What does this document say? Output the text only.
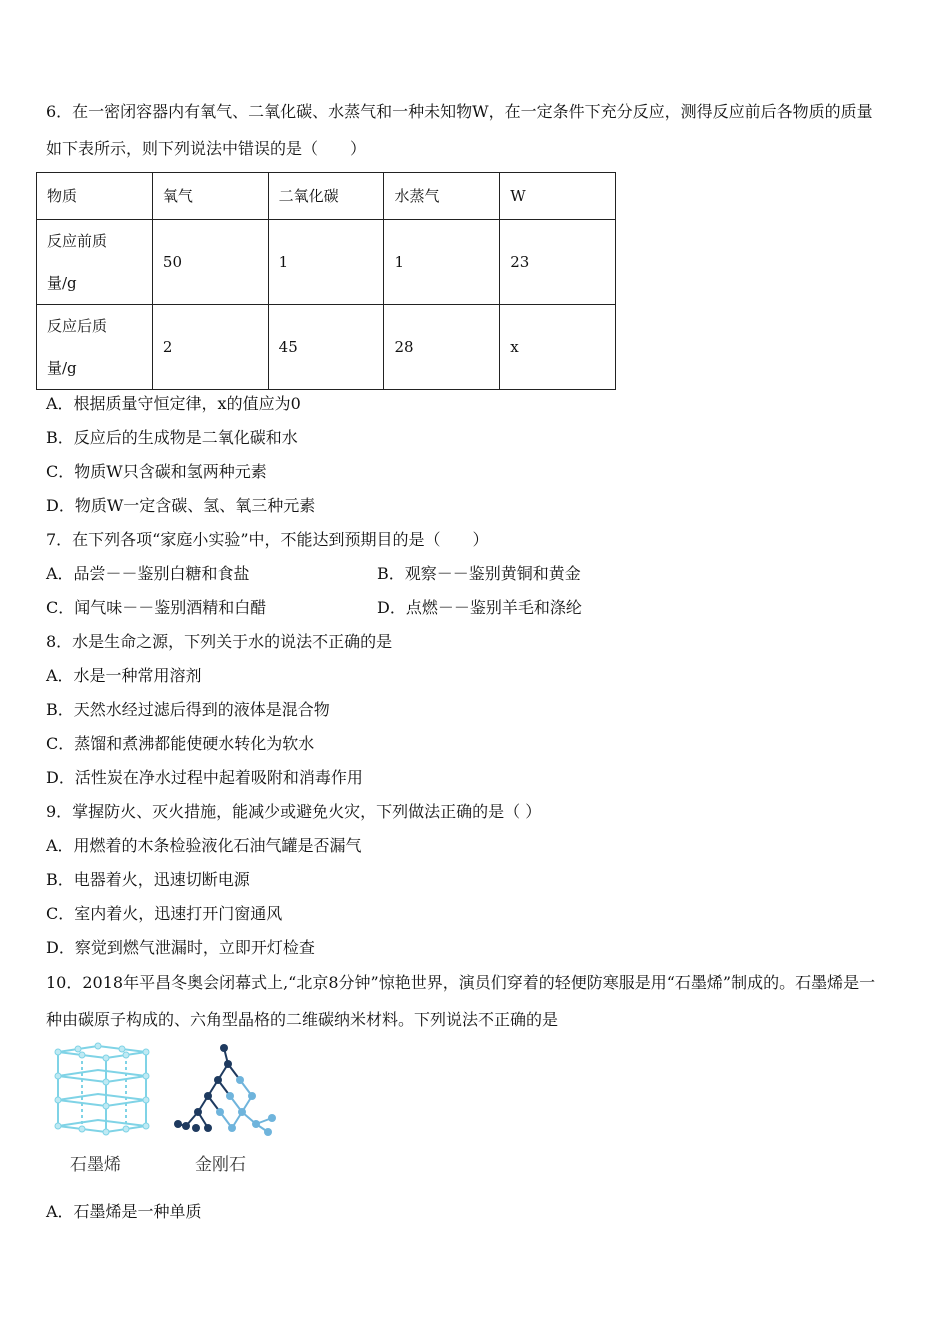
6．在一密闭容器内有氧气、二氧化碳、水蒸气和一种未知物W，在一定条件下充分反应，测得反应前后各物质的质量
如下表所示，则下列说法中错误的是（　　）
物质	氧气	二氧化碳	水蒸气	W
反应前质
量/g	50	1	1	23
反应后质
量/g	2	45	28	x
A．根据质量守恒定律，x的值应为0
B．反应后的生成物是二氧化碳和水
C．物质W只含碳和氢两种元素
D．物质W一定含碳、氢、氧三种元素
7．在下列各项“家庭小实验”中，不能达到预期目的是（　　）
A．品尝－－鉴别白糖和食盐	B．观察－－鉴别黄铜和黄金
C．闻气味－－鉴别酒精和白醋	D．点燃－－鉴别羊毛和涤纶
8．水是生命之源，下列关于水的说法不正确的是
A．水是一种常用溶剂
B．天然水经过滤后得到的液体是混合物
C．蒸馏和煮沸都能使硬水转化为软水
D．活性炭在净水过程中起着吸附和消毒作用
9．掌握防火、灭火措施，能减少或避免火灾，下列做法正确的是（ ）
A．用燃着的木条检验液化石油气罐是否漏气
B．电器着火，迅速切断电源
C．室内着火，迅速打开门窗通风
D．察觉到燃气泄漏时，立即开灯检查
10．2018年平昌冬奥会闭幕式上,“北京8分钟”惊艳世界，演员们穿着的轻便防寒服是用“石墨烯”制成的。石墨烯是一
种由碳原子构成的、六角型晶格的二维碳纳米材料。下列说法不正确的是
石墨烯	金刚石
A．石墨烯是一种单质
